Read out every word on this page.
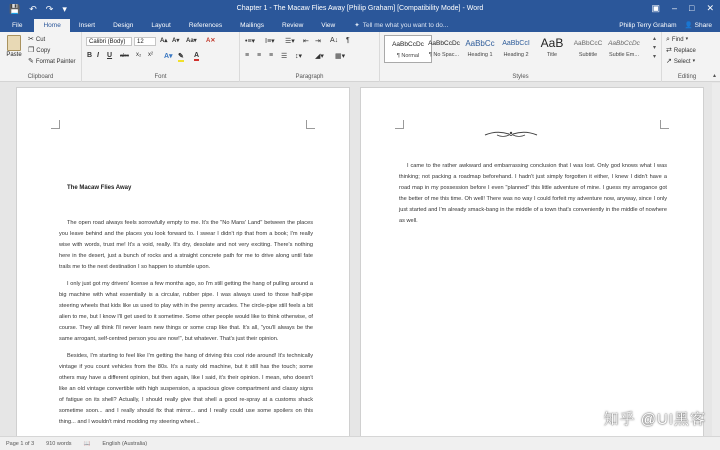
💾 ↶ ↷ ▾	Chapter 1 - The Macaw Flies Away [Philip Graham] [Compatibility Mode] - Word	▣ – □ ✕
File	Home	Insert	Design	Layout	References	Mailings	Review	View	✦ Tell me what you want to do...	Philip Terry Graham 👤 Share
Paste
✂ Cut
❐ Copy
✎ Format Painter
Clipboard
Calibri (Body)	12	A▴ A▾ Aa▾ A✕
B I U abc x₂ x² A▾ ✎ A
Font
•≡▾ Ⅰ≡▾ ☰▾ ⇤ ⇥ A↓ ¶
≡ ≡ ≡ ☰ ↕▾ ◢▾ ▦▾
Paragraph
AaBbCcDc
¶ Normal
AaBbCcDc
¶ No Spac...
AaBbCc
Heading 1
AaBbCcI
Heading 2
AaB
Title
AaBbCcC
Subtitle
AaBbCcDc
Subtle Em...
▴
▾
▾
Styles
⌕ Find ▾
⇄ Replace
↗ Select ▾
Editing	▴
The Macaw Flies Away
The open road always feels sorrowfully empty to me. It's the "No Mans' Land" between the places you leave behind and the places you look forward to. I swear I didn't rip that from a book; I'm really wise with words, trust me! It's a void, really. It's dry, desolate and not very exciting. There's nothing here in the desert, just a bunch of rocks and a straight concrete path for me to drive along until fate trails me to the next destination I so happen to stumble upon.
I only just got my drivers' license a few months ago, so I'm still getting the hang of pulling around a big machine with what essentially is a circular, rubber pipe. I was always used to those half-pipe steering wheels that kids like us used to play with in the penny arcades. The circle-pipe still feels a bit alien to me, but I know I'll get used to it sometime. Some other people would like to think otherwise, of course. They all think I'll never learn new things or some crap like that. It's all, "you'll always be the same arrogant, self-centred person you are now!", but whatever. That's just their opinion.
Besides, I'm starting to feel like I'm getting the hang of driving this cool ride around! It's technically vintage if you count vehicles from the 80s. It's a rusty old machine, but it still has the touch; some others may have a different opinion, but then again, like I said, it's their opinion. I mean, who doesn't like an old vintage convertible with high suspension, a spacious glove compartment and classy signs of fatigue on its shell? Actually, I should really give that shell a good re-spray at a customs shack sometime soon... and I really should fix that mirror... and I really could use some spoilers on this thing... and I wouldn't mind modding my steering wheel...
I came to the rather awkward and embarrassing conclusion that I was lost. Only god knows what I was thinking; not packing a roadmap beforehand. I hadn't just simply forgotten it either, I knew I didn't have a road map in my possession before I even "planned" this little adventure of mine. I guess my arrogance got the better of me this time. Oh well! There was no way I could forfeit my adventure now, anyway, since I only just started and I'm already smack-bang in the middle of a town that's conveniently in the middle of nowhere as well.
Page 1 of 3 910 words 📖 English (Australia)
知乎 @UI黑客
